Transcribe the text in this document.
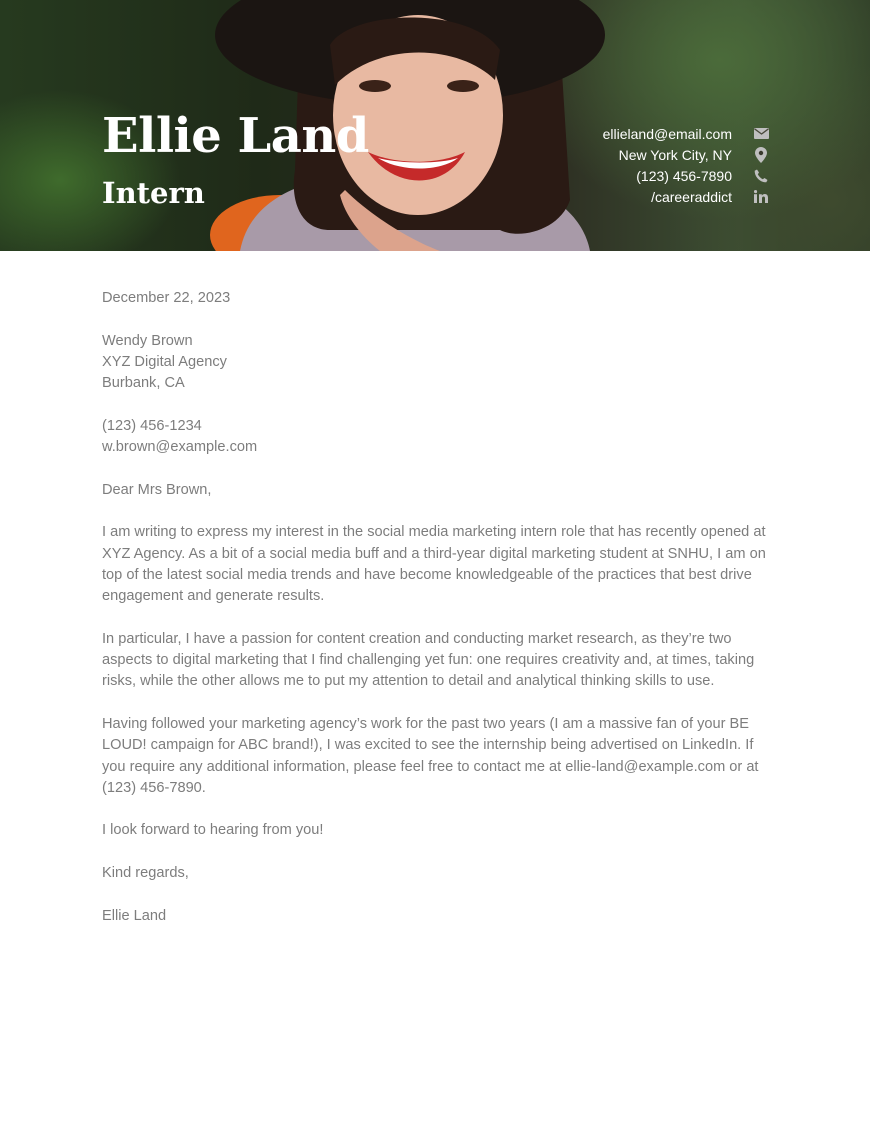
Ellie Land
Intern
ellieland@email.com
New York City, NY
(123) 456-7890
/careeraddict

December 22, 2023

Wendy Brown
XYZ Digital Agency
Burbank, CA

(123) 456-1234
w.brown@example.com

Dear Mrs Brown,

I am writing to express my interest in the social media marketing intern role that has recently opened at XYZ Agency. As a bit of a social media buff and a third-year digital marketing student at SNHU, I am on top of the latest social media trends and have become knowledgeable of the practices that best drive engagement and generate results.

In particular, I have a passion for content creation and conducting market research, as they’re two aspects to digital marketing that I find challenging yet fun: one requires creativity and, at times, taking risks, while the other allows me to put my attention to detail and analytical thinking skills to use.

Having followed your marketing agency’s work for the past two years (I am a massive fan of your BE LOUD! campaign for ABC brand!), I was excited to see the internship being advertised on LinkedIn. If you require any additional information, please feel free to contact me at ellie-land@example.com or at (123) 456-7890.

I look forward to hearing from you!

Kind regards,

Ellie Land
